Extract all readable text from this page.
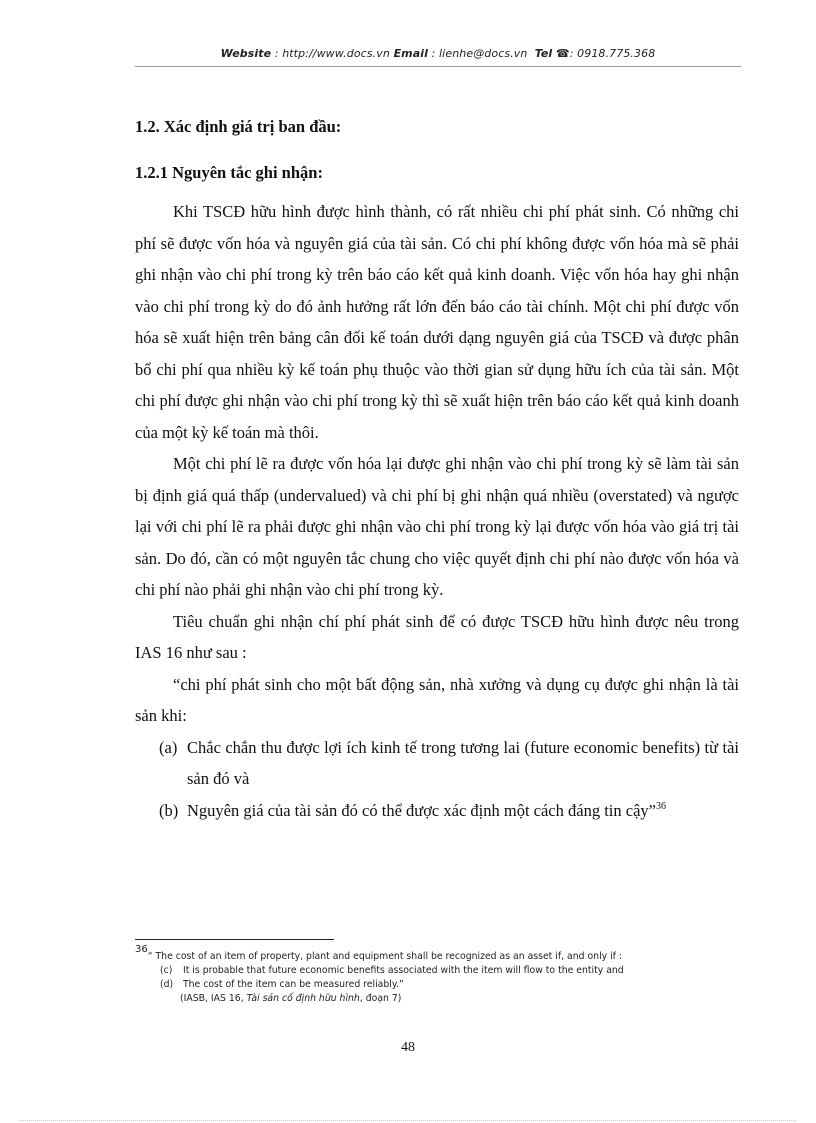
Website : http://www.docs.vn Email : lienhe@docs.vn Tel ☎: 0918.775.368
1.2. Xác định giá trị ban đầu:
1.2.1 Nguyên tắc ghi nhận:

Khi TSCĐ hữu hình được hình thành, có rất nhiều chi phí phát sinh. Có những chi phí sẽ được vốn hóa và nguyên giá của tài sản. Có chi phí không được vốn hóa mà sẽ phải ghi nhận vào chi phí trong kỳ trên báo cáo kết quả kinh doanh. Việc vốn hóa hay ghi nhận vào chi phí trong kỳ do đó ảnh hưởng rất lớn đến báo cáo tài chính. Một chi phí được vốn hóa sẽ xuất hiện trên bảng cân đối kế toán dưới dạng nguyên giá của TSCĐ và được phân bổ chi phí qua nhiều kỳ kế toán phụ thuộc vào thời gian sử dụng hữu ích của tài sản. Một chi phí được ghi nhận vào chi phí trong kỳ thì sẽ xuất hiện trên báo cáo kết quả kinh doanh của một kỳ kế toán mà thôi.

Một chi phí lẽ ra được vốn hóa lại được ghi nhận vào chi phí trong kỳ sẽ làm tài sản bị định giá quá thấp (undervalued) và chi phí bị ghi nhận quá nhiều (overstated) và ngược lại với chi phí lẽ ra phải được ghi nhận vào chi phí trong kỳ lại được vốn hóa vào giá trị tài sản. Do đó, cần có một nguyên tắc chung cho việc quyết định chi phí nào được vốn hóa và chi phí nào phải ghi nhận vào chi phí trong kỳ.

Tiêu chuẩn ghi nhận chí phí phát sinh để có được TSCĐ hữu hình được nêu trong IAS 16 như sau :

“chi phí phát sinh cho một bất động sản, nhà xưởng và dụng cụ được ghi nhận là tài sản khi:

(a) Chắc chắn thu được lợi ích kinh tế trong tương lai (future economic benefits) từ tài sản đó và
(b) Nguyên giá của tài sản đó có thể được xác định một cách đáng tin cậy”$^{36}$
$^{36}$“ The cost of an item of property, plant and equipment shall be recognized as an asset if, and only if :
(c) It is probable that future economic benefits associated with the item will flow to the entity and
(d) The cost of the item can be measured reliably.”
(IASB, IAS 16, Tài sản cố định hữu hình, đoạn 7)
48
